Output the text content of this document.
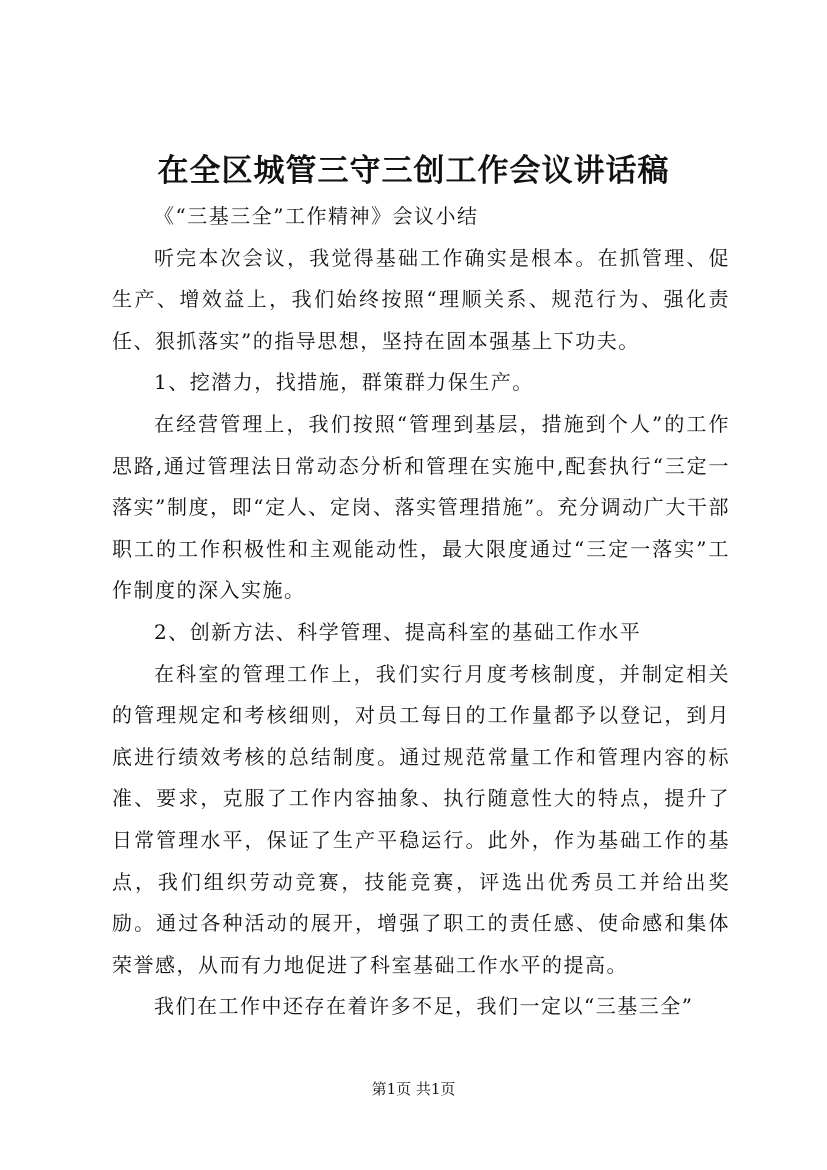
在全区城管三守三创工作会议讲话稿

《“三基三全”工作精神》会议小结

听完本次会议，我觉得基础工作确实是根本。在抓管理、促生产、增效益上，我们始终按照“理顺关系、规范行为、强化责任、狠抓落实”的指导思想，坚持在固本强基上下功夫。

1、挖潜力，找措施，群策群力保生产。

在经营管理上，我们按照“管理到基层，措施到个人”的工作思路,通过管理法日常动态分析和管理在实施中,配套执行“三定一落实”制度，即“定人、定岗、落实管理措施”。充分调动广大干部职工的工作积极性和主观能动性，最大限度通过“三定一落实”工作制度的深入实施。

2、创新方法、科学管理、提高科室的基础工作水平

在科室的管理工作上，我们实行月度考核制度，并制定相关的管理规定和考核细则，对员工每日的工作量都予以登记，到月底进行绩效考核的总结制度。通过规范常量工作和管理内容的标准、要求，克服了工作内容抽象、执行随意性大的特点，提升了日常管理水平，保证了生产平稳运行。此外，作为基础工作的基点，我们组织劳动竞赛，技能竞赛，评选出优秀员工并给出奖励。通过各种活动的展开，增强了职工的责任感、使命感和集体荣誉感，从而有力地促进了科室基础工作水平的提高。

我们在工作中还存在着许多不足，我们一定以“三基三全”

第1页 共1页
